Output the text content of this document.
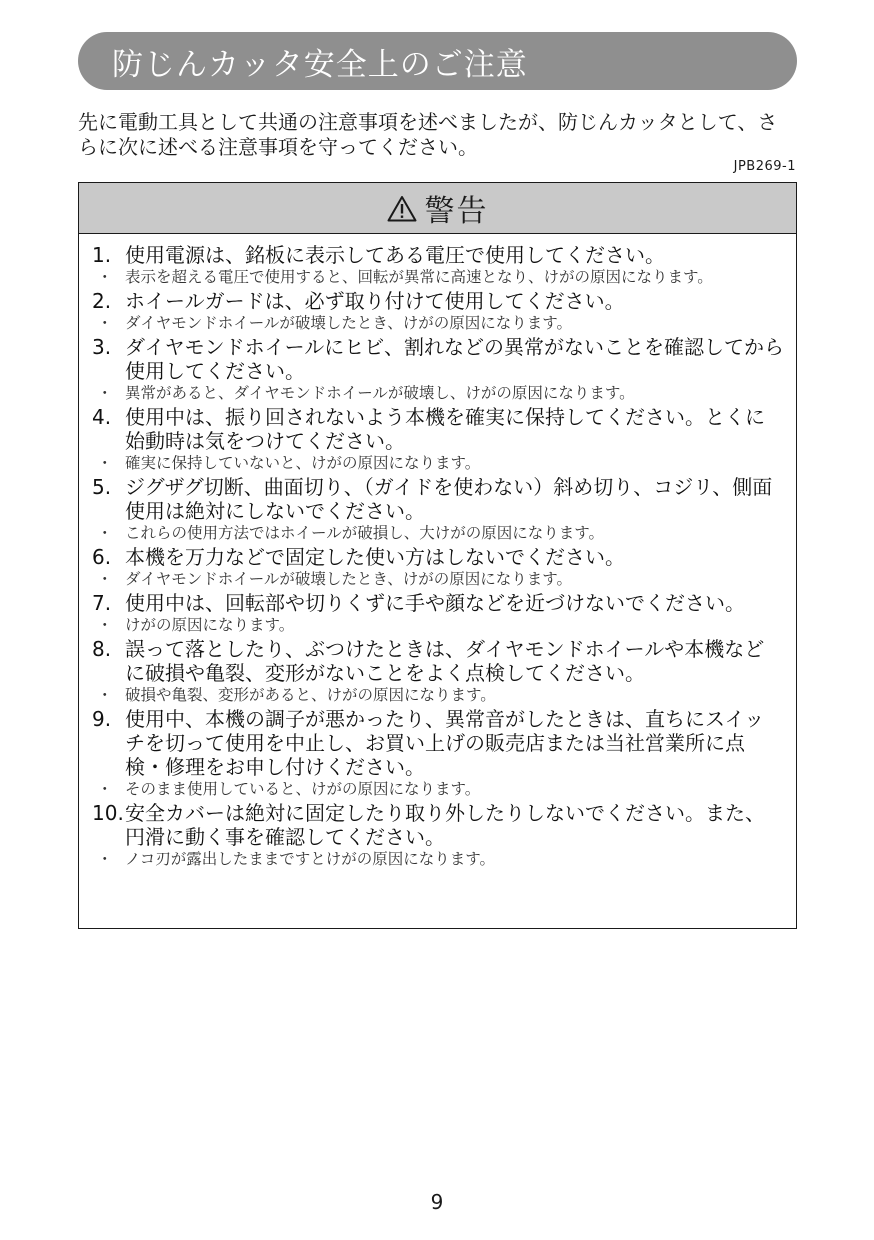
防じんカッタ安全上のご注意

先に電動工具として共通の注意事項を述べましたが、防じんカッタとして、さらに次に述べる注意事項を守ってください。

JPB269-1
警告
1. 使用電源は、銘板に表示してある電圧で使用してください。
・ 表示を超える電圧で使用すると、回転が異常に高速となり、けがの原因になります。
2. ホイールガードは、必ず取り付けて使用してください。
・ ダイヤモンドホイールが破壊したとき、けがの原因になります。
3. ダイヤモンドホイールにヒビ、割れなどの異常がないことを確認してから使用してください。
・ 異常があると、ダイヤモンドホイールが破壊し、けがの原因になります。
4. 使用中は、振り回されないよう本機を確実に保持してください。とくに始動時は気をつけてください。
・ 確実に保持していないと、けがの原因になります。
5. ジグザグ切断、曲面切り、（ガイドを使わない）斜め切り、コジリ、側面使用は絶対にしないでください。
・ これらの使用方法ではホイールが破損し、大けがの原因になります。
6. 本機を万力などで固定した使い方はしないでください。
・ ダイヤモンドホイールが破壊したとき、けがの原因になります。
7. 使用中は、回転部や切りくずに手や顔などを近づけないでください。
・ けがの原因になります。
8. 誤って落としたり、ぶつけたときは、ダイヤモンドホイールや本機などに破損や亀裂、変形がないことをよく点検してください。
・ 破損や亀裂、変形があると、けがの原因になります。
9. 使用中、本機の調子が悪かったり、異常音がしたときは、直ちにスイッチを切って使用を中止し、お買い上げの販売店または当社営業所に点検・修理をお申し付けください。
・ そのまま使用していると、けがの原因になります。
10. 安全カバーは絶対に固定したり取り外したりしないでください。また、円滑に動く事を確認してください。
・ ノコ刃が露出したままですとけがの原因になります。
9
